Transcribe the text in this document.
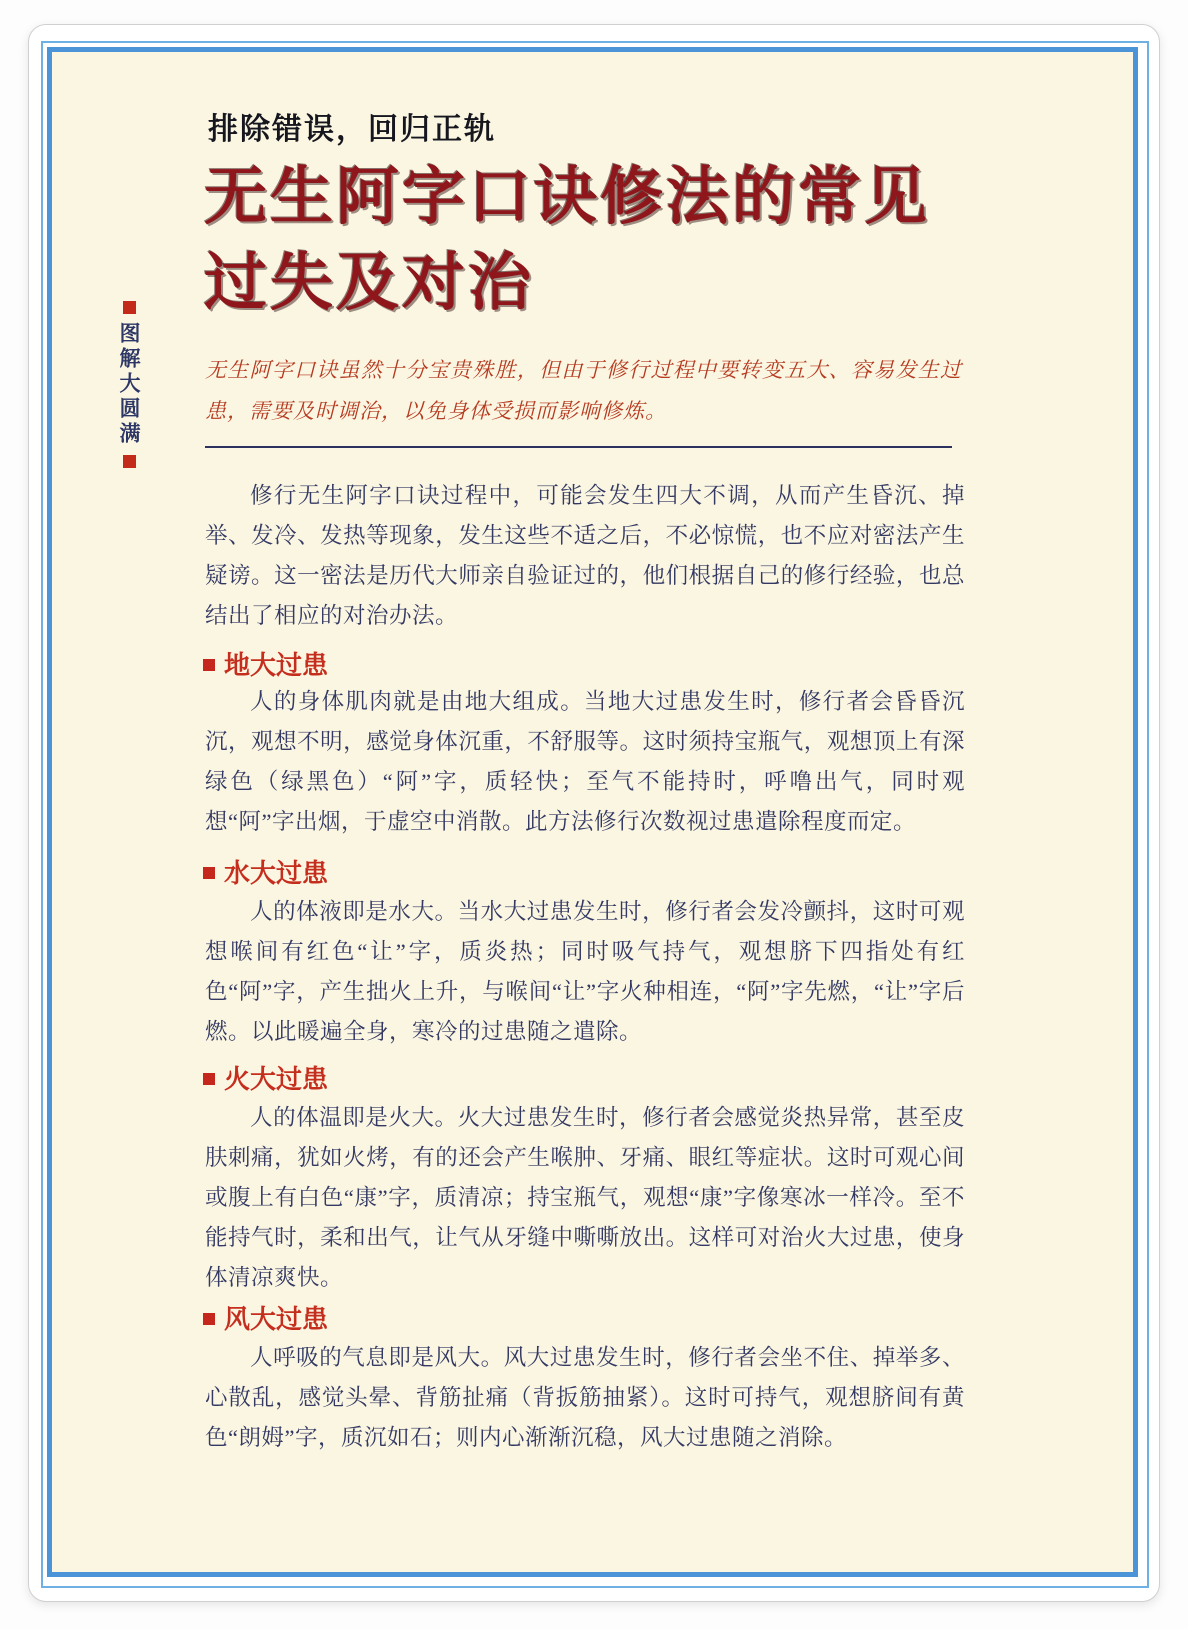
图解大圆满
排除错误，回归正轨
无生阿字口诀修法的常见
过失及对治

无生阿字口诀虽然十分宝贵殊胜，但由于修行过程中要转变五大、容易发生过患，需要及时调治，以免身体受损而影响修炼。

修行无生阿字口诀过程中，可能会发生四大不调，从而产生昏沉、掉举、发冷、发热等现象，发生这些不适之后，不必惊慌，也不应对密法产生疑谤。这一密法是历代大师亲自验证过的，他们根据自己的修行经验，也总结出了相应的对治办法。

地大过患

人的身体肌肉就是由地大组成。当地大过患发生时，修行者会昏昏沉沉，观想不明，感觉身体沉重，不舒服等。这时须持宝瓶气，观想顶上有深绿色（绿黑色）“阿”字，质轻快；至气不能持时，呼噜出气，同时观想“阿”字出烟，于虚空中消散。此方法修行次数视过患遣除程度而定。

水大过患

人的体液即是水大。当水大过患发生时，修行者会发冷颤抖，这时可观想喉间有红色“让”字，质炎热；同时吸气持气，观想脐下四指处有红色“阿”字，产生拙火上升，与喉间“让”字火种相连，“阿”字先燃，“让”字后燃。以此暖遍全身，寒冷的过患随之遣除。

火大过患

人的体温即是火大。火大过患发生时，修行者会感觉炎热异常，甚至皮肤刺痛，犹如火烤，有的还会产生喉肿、牙痛、眼红等症状。这时可观心间或腹上有白色“康”字，质清凉；持宝瓶气，观想“康”字像寒冰一样冷。至不能持气时，柔和出气，让气从牙缝中嘶嘶放出。这样可对治火大过患，使身体清凉爽快。

风大过患

人呼吸的气息即是风大。风大过患发生时，修行者会坐不住、掉举多、心散乱，感觉头晕、背筋扯痛（背扳筋抽紧）。这时可持气，观想脐间有黄色“朗姆”字，质沉如石；则内心渐渐沉稳，风大过患随之消除。
